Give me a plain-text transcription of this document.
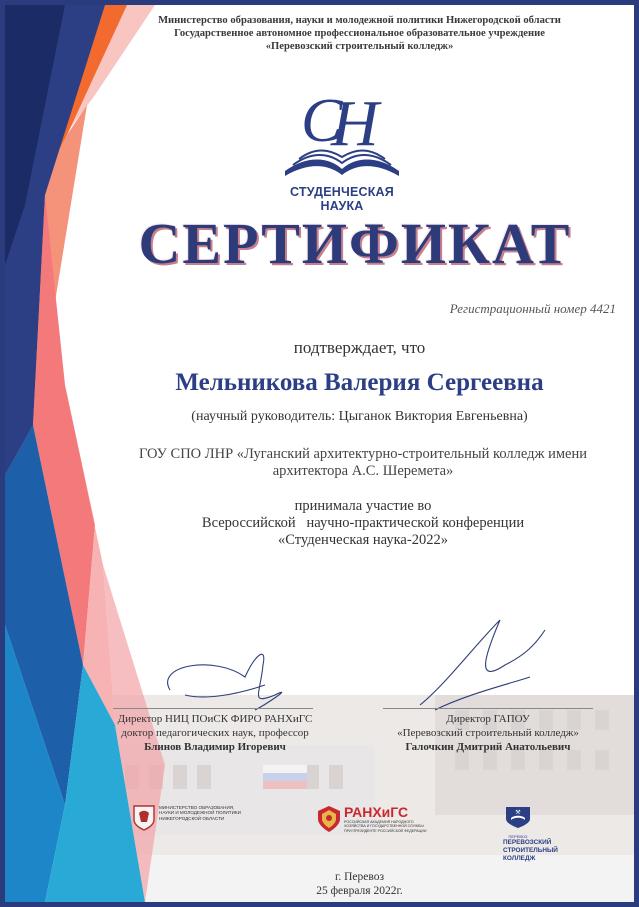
Министерство образования, науки и молодежной политики Нижегородской области
Государственное автономное профессиональное образовательное учреждение
«Перевозский строительный колледж»
C
H
СТУДЕНЧЕСКАЯ НАУКА
СЕРТИФИКАТ
Регистрационный номер 4421
подтверждает, что
Мельникова Валерия Сергеевна
(научный руководитель: Цыганок Виктория Евгеньевна)
ГОУ СПО ЛНР «Луганский архитектурно-строительный колледж имени архитектора А.С. Шеремета»
принимала участие во
Всероссийской   научно-практической конференции
«Студенческая наука-2022»
Директор НИЦ ПОиСК ФИРО РАНХиГС
доктор педагогических наук, профессор
Блинов Владимир Игоревич
Директор ГАПОУ
«Перевозский строительный колледж»
Галочкин Дмитрий Анатольевич
МИНИСТЕРСТВО ОБРАЗОВАНИЯ, НАУКИ И МОЛОДЕЖНОЙ ПОЛИТИКИ НИЖЕГОРОДСКОЙ ОБЛАСТИ	РАНХиГС
РОССИЙСКАЯ АКАДЕМИЯ НАРОДНОГО ХОЗЯЙСТВА И ГОСУДАРСТВЕННОЙ СЛУЖБЫ ПРИ ПРЕЗИДЕНТЕ РОССИЙСКОЙ ФЕДЕРАЦИИ
⚒
ПЕРЕВОЗ
ПЕРЕВОЗСКИЙ СТРОИТЕЛЬНЫЙ КОЛЛЕДЖ
г. Перевоз
25 февраля 2022г.
